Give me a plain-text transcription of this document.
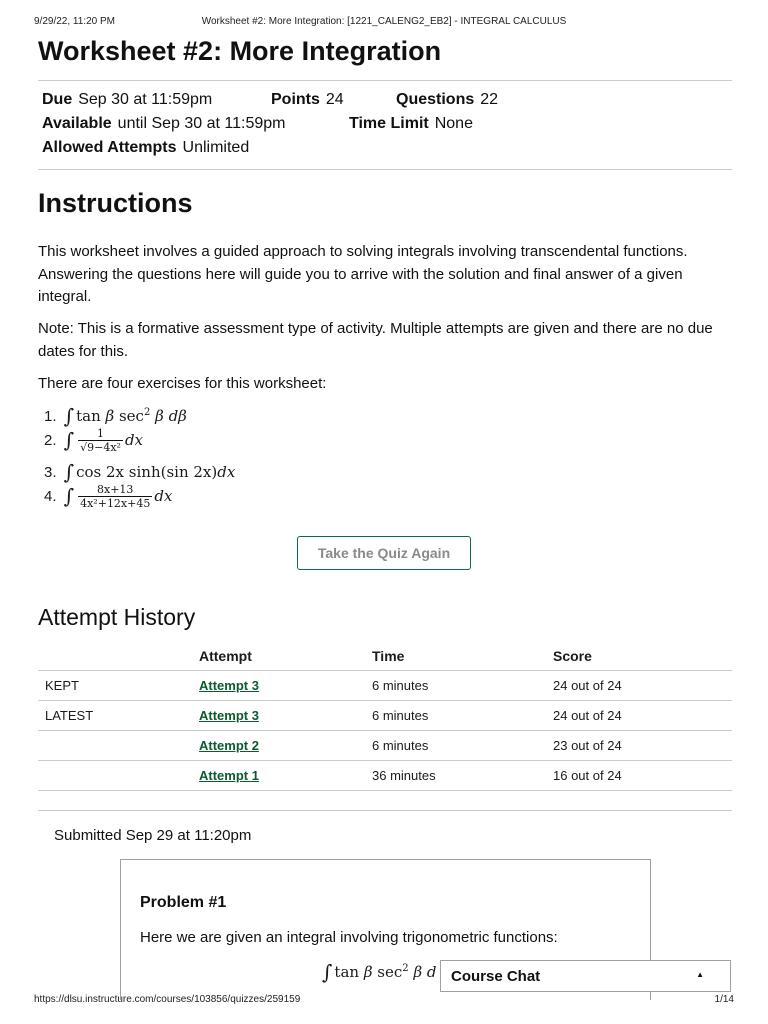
9/29/22, 11:20 PM	Worksheet #2: More Integration: [1221_CALENG2_EB2] - INTEGRAL CALCULUS
Worksheet #2: More Integration
Due Sep 30 at 11:59pm	Points 24	Questions 22
Available until Sep 30 at 11:59pm	Time Limit None
Allowed Attempts Unlimited
Instructions

This worksheet involves a guided approach to solving integrals involving transcendental functions. Answering the questions here will guide you to arrive with the solution and final answer of a given integral.

Note: This is a formative assessment type of activity. Multiple attempts are given and there are no due dates for this.

There are four exercises for this worksheet:

1. ∫ tan β $\sec^2 \beta$ dβ
2. ∫ $\frac{1}{\text{√9−4x²}}$ dx
3. ∫ cos 2x sinh(sin 2x)dx
4. ∫ $\frac{8x+13}{\text{4x²+12x+45}}$ dx
Take the Quiz Again
Attempt History
	Attempt	Time	Score
KEPT	Attempt 3	6 minutes	24 out of 24
LATEST	Attempt 3	6 minutes	24 out of 24
	Attempt 2	6 minutes	23 out of 24
	Attempt 1	36 minutes	16 out of 24
Submitted Sep 29 at 11:20pm
Problem #1

Here we are given an integral involving trigonometric functions:

∫ tan β $\sec^2 \beta$ d Course Chat	▲
https://dlsu.instructure.com/courses/103856/quizzes/259159	1/14
